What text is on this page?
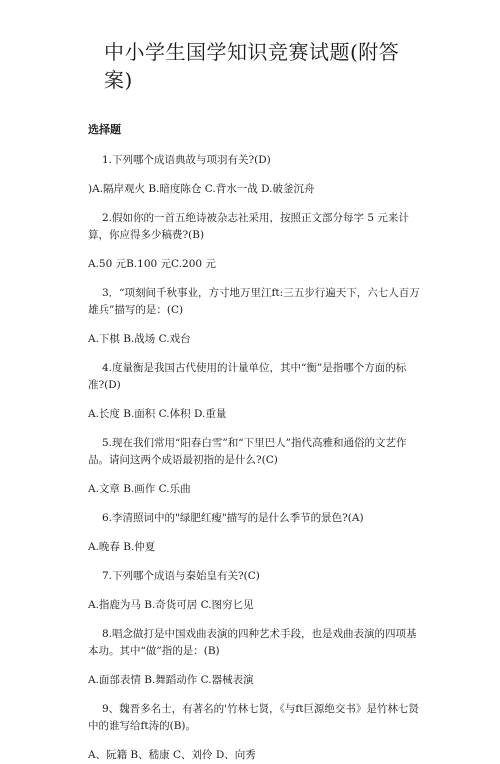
中小学生国学知识竞赛试题(附答案)
选择题

1.下列哪个成语典故与项羽有关?(D)

)A.隔岸观火 B.暗度陈仓 C.背水一战 D.破釜沉舟

2.假如你的一首五绝诗被杂志社采用，按照正文部分每字 5 元来计算，你应得多少稿费?(B)

A.50 元B.100 元C.200 元

3．“项刻间千秋事业，方寸地万里江ft:三五步行遍天下，六七人百万雄兵”描写的是：(C)

A.下棋 B.战场 C.戏台

4.度量衡是我国古代使用的计量单位，其中“衡”是指哪个方面的标准?(D)

A.长度 B.面积 C.体积 D.重量

5.现在我们常用“阳春白雪”和“下里巴人”指代高雅和通俗的文艺作品。请问这两个成语最初指的是什么?(C)

A.文章 B.画作 C.乐曲

6.李清照词中的"绿肥红瘦"描写的是什么季节的景色?(A)

A.晚春 B.仲夏

7.下列哪个成语与秦始皇有关?(C)

A.指鹿为马 B.奇货可居 C.图穷匕见

8.唱念做打是中国戏曲表演的四种艺术手段，也是戏曲表演的四项基本功。其中“做”指的是：(B)

A.面部表情 B.舞蹈动作 C.器械表演

9、魏晋多名士，有著名的'竹林七贤，《与ft巨源绝交书》是竹林七贤中的谁写给ft涛的(B)。

A、阮籍 B、嵇康 C、刘伶 D、向秀
